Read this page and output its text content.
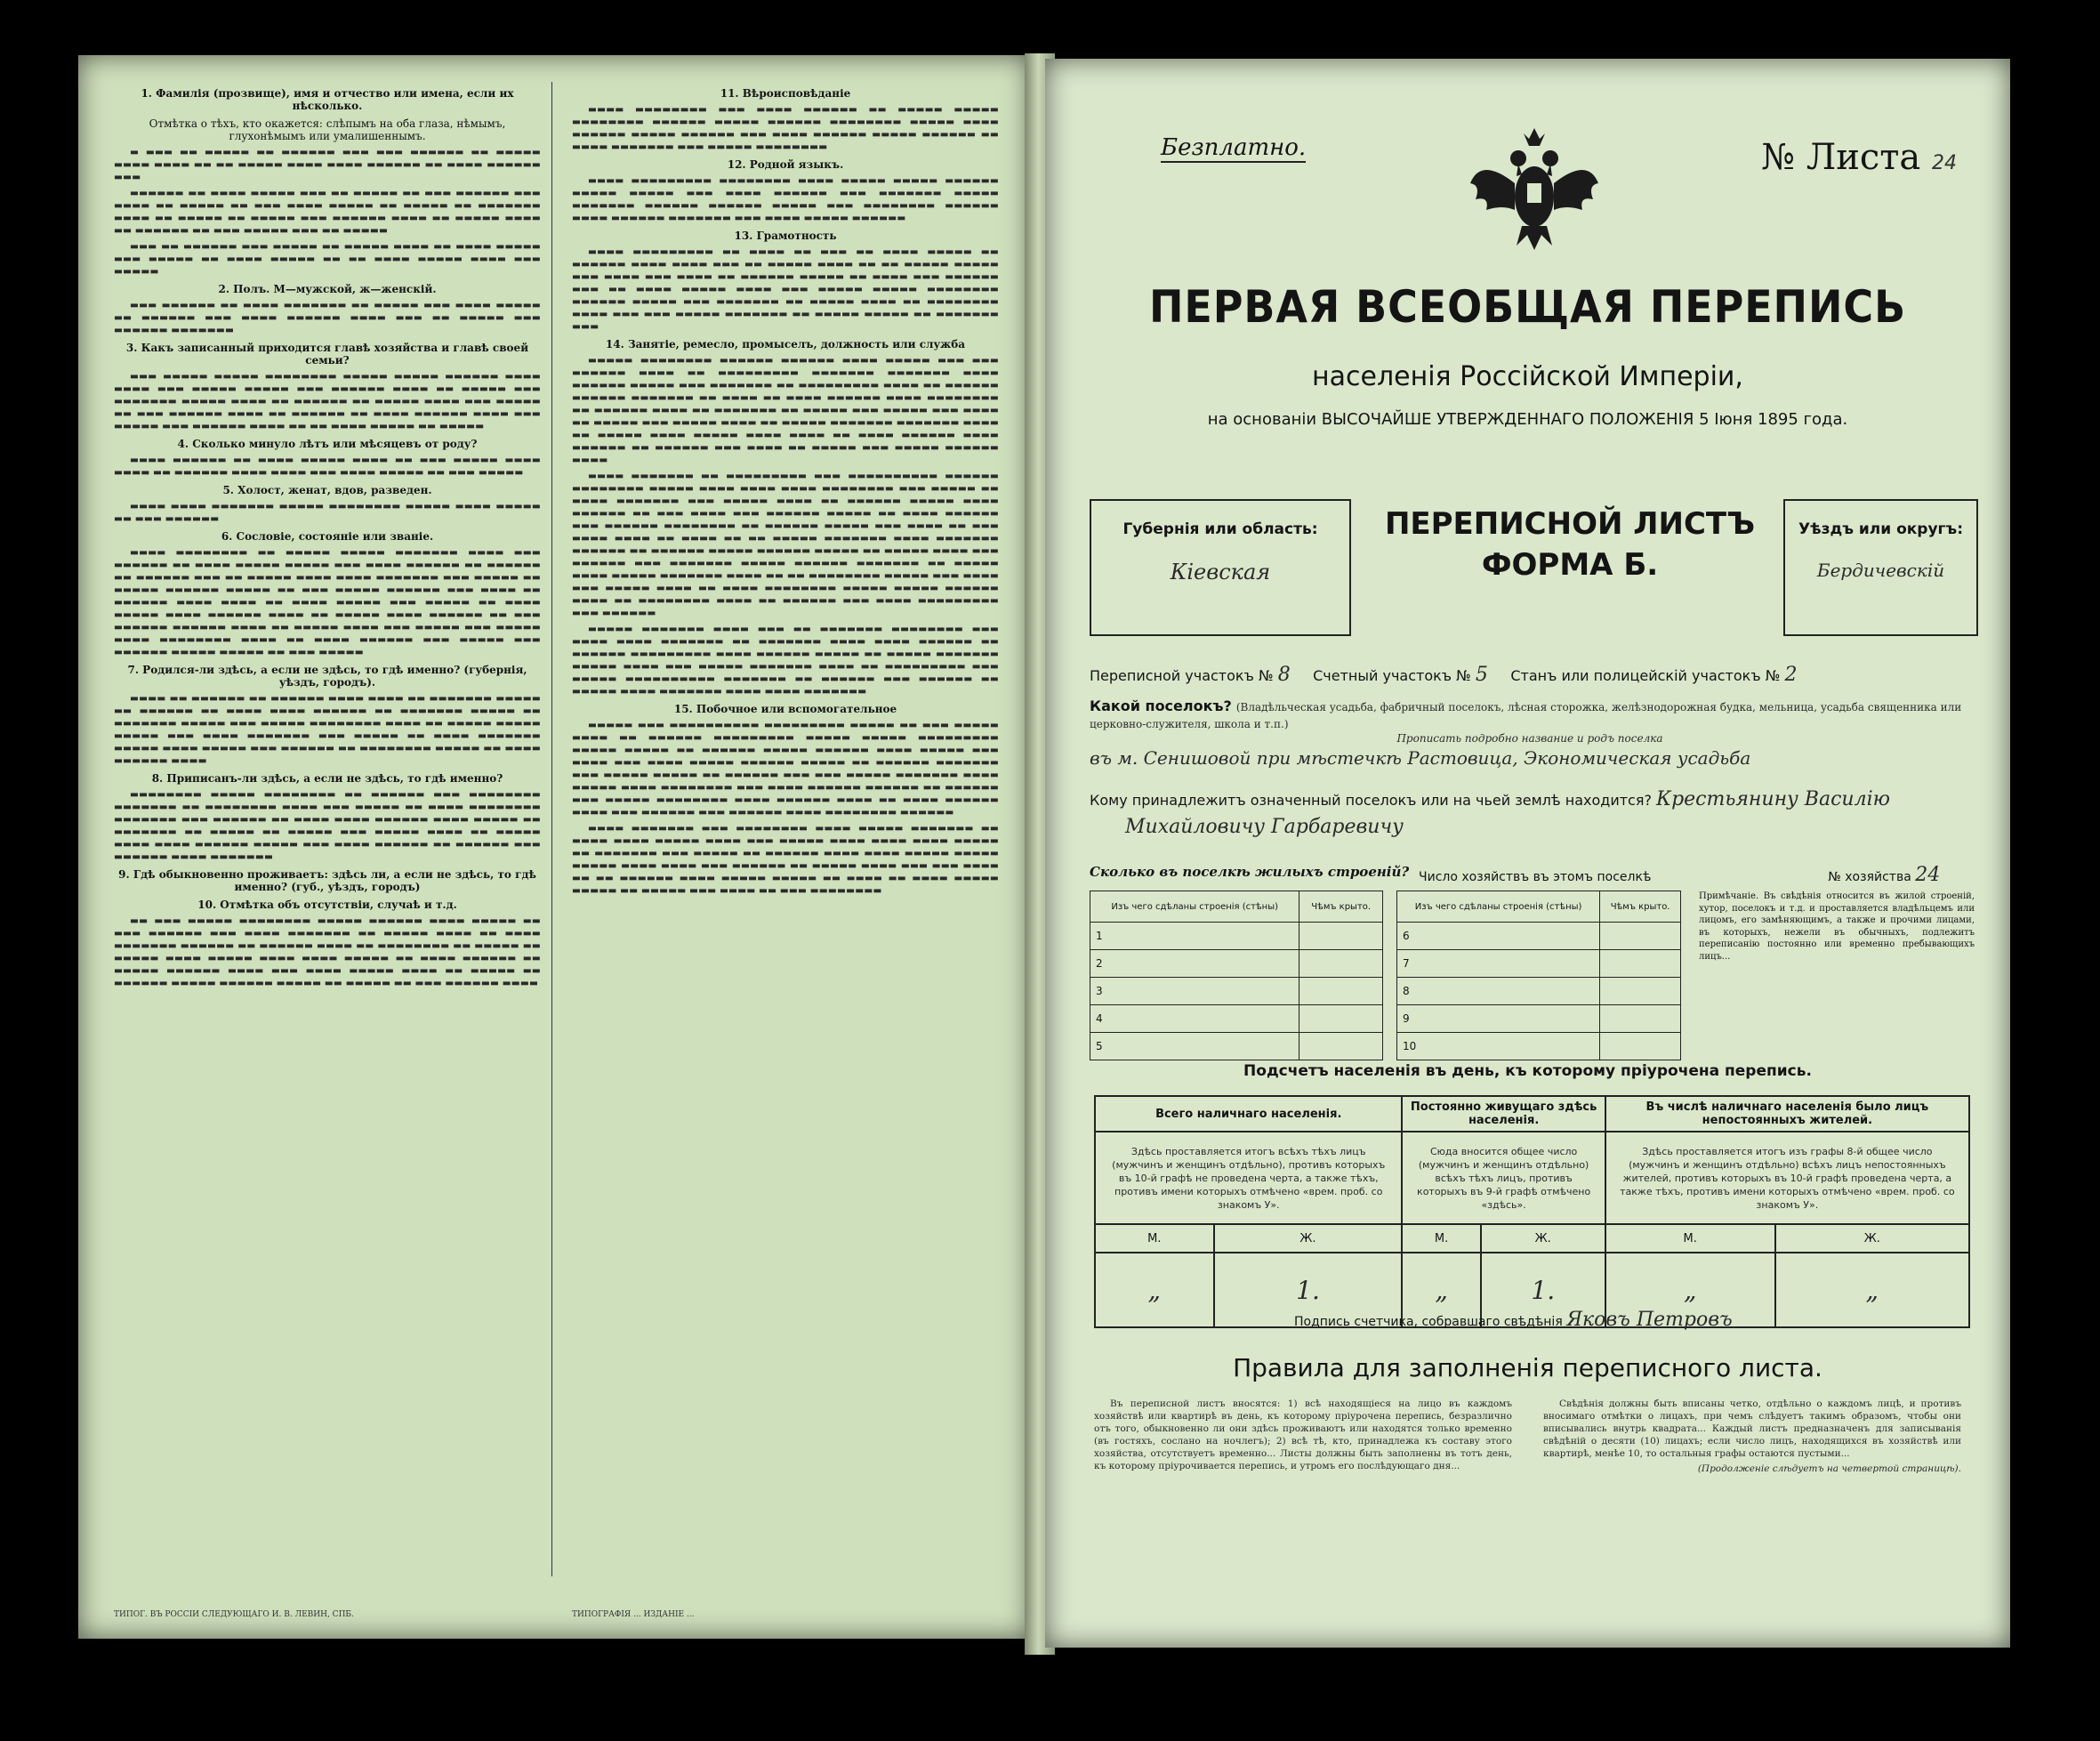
1. Фамилія (прозвище), имя и отчество или имена, если их нѣсколько.
Отмѣтка о тѣхъ, кто окажется: слѣпымъ на оба глаза, нѣмымъ, глухонѣмымъ или умалишеннымъ.

▬ ▬▬▬ ▬▬ ▬▬▬▬▬ ▬▬ ▬▬▬▬▬▬ ▬▬▬ ▬▬▬ ▬▬▬▬▬▬ ▬▬ ▬▬▬▬▬ ▬▬▬▬ ▬▬▬▬ ▬▬ ▬▬ ▬▬▬▬▬ ▬▬▬▬ ▬▬▬▬ ▬▬▬▬▬▬ ▬▬ ▬▬▬▬ ▬▬▬▬▬▬ ▬▬▬

▬▬▬▬▬▬ ▬▬ ▬▬▬▬ ▬▬▬▬▬ ▬▬▬ ▬▬ ▬▬▬▬▬ ▬▬ ▬▬▬ ▬▬▬▬▬▬ ▬▬▬ ▬▬▬▬ ▬▬ ▬▬▬▬▬ ▬▬ ▬▬▬ ▬▬▬▬ ▬▬▬▬▬ ▬▬ ▬▬▬▬▬ ▬▬ ▬▬▬▬▬▬▬ ▬▬▬▬ ▬▬ ▬▬▬▬▬ ▬▬ ▬▬▬▬▬ ▬▬▬ ▬▬▬▬▬▬ ▬▬▬▬ ▬▬ ▬▬▬▬▬ ▬▬▬▬ ▬▬ ▬▬▬▬▬▬ ▬▬ ▬▬▬ ▬▬▬▬▬ ▬▬▬ ▬▬ ▬▬▬▬▬

▬▬▬ ▬▬ ▬▬▬▬▬▬ ▬▬▬ ▬▬▬▬▬ ▬▬ ▬▬▬▬▬ ▬▬▬▬ ▬▬ ▬▬▬▬ ▬▬▬▬▬ ▬▬▬ ▬▬▬▬▬ ▬▬ ▬▬▬▬ ▬▬▬▬▬ ▬▬ ▬▬ ▬▬▬▬ ▬▬▬▬▬ ▬▬▬▬ ▬▬▬ ▬▬▬▬▬

2. Полъ. М—мужской, ж—женскій.

▬▬▬ ▬▬▬▬▬▬ ▬▬ ▬▬▬▬ ▬▬▬▬▬▬▬ ▬▬ ▬▬▬▬▬ ▬▬▬ ▬▬▬▬ ▬▬▬▬▬ ▬▬ ▬▬▬▬▬▬ ▬▬▬ ▬▬▬▬ ▬▬▬▬▬▬ ▬▬▬▬ ▬▬▬ ▬▬ ▬▬▬▬▬ ▬▬▬ ▬▬▬▬▬▬ ▬▬▬▬▬▬▬

3. Какъ записанный приходится главѣ хозяйства и главѣ своей семьи?

▬▬▬ ▬▬▬▬▬ ▬▬▬▬▬ ▬▬▬▬▬▬▬▬ ▬▬▬▬▬ ▬▬▬▬▬ ▬▬▬▬▬▬ ▬▬▬▬ ▬▬▬▬ ▬▬▬ ▬▬▬▬▬ ▬▬▬▬▬ ▬▬▬ ▬▬▬▬▬▬ ▬▬▬▬ ▬▬ ▬▬▬▬▬ ▬▬▬ ▬▬▬▬▬▬▬ ▬▬▬▬▬ ▬▬▬▬ ▬▬ ▬▬▬▬▬▬ ▬▬ ▬▬▬▬▬ ▬▬▬▬ ▬▬▬ ▬▬▬▬▬ ▬▬ ▬▬▬ ▬▬▬▬▬▬ ▬▬▬▬ ▬▬ ▬▬▬▬▬▬ ▬▬ ▬▬▬▬ ▬▬▬▬▬▬ ▬▬▬▬ ▬▬▬ ▬▬▬▬▬ ▬▬▬ ▬▬▬▬▬▬ ▬▬▬▬ ▬▬ ▬▬ ▬▬▬▬ ▬▬▬▬▬ ▬▬ ▬▬▬▬▬

4. Сколько минуло лѣтъ или мѣсяцевъ от роду?

▬▬▬▬ ▬▬▬▬▬▬ ▬▬ ▬▬▬▬ ▬▬▬▬▬ ▬▬▬▬ ▬▬ ▬▬▬ ▬▬▬▬▬ ▬▬▬▬ ▬▬▬▬ ▬▬ ▬▬▬▬▬▬ ▬▬▬▬ ▬▬▬▬ ▬▬▬ ▬▬▬▬ ▬▬▬▬▬ ▬▬ ▬▬▬ ▬▬▬▬▬

5. Холост, женат, вдов, разведен.

▬▬▬▬ ▬▬▬▬ ▬▬▬▬▬▬▬ ▬▬▬▬▬ ▬▬▬▬▬▬▬▬ ▬▬▬▬▬ ▬▬▬▬ ▬▬▬▬▬ ▬▬ ▬▬▬ ▬▬▬▬▬▬

6. Сословіе, состояніе или званіе.

▬▬▬▬ ▬▬▬▬▬▬▬▬ ▬▬ ▬▬▬▬▬ ▬▬▬▬▬ ▬▬▬▬▬▬▬ ▬▬▬▬ ▬▬▬ ▬▬▬▬▬▬ ▬▬ ▬▬▬▬ ▬▬▬▬▬ ▬▬▬▬▬ ▬▬▬ ▬▬▬▬ ▬▬▬▬▬▬ ▬▬ ▬▬▬▬▬▬ ▬▬ ▬▬▬▬▬▬ ▬▬▬ ▬▬ ▬▬▬▬▬ ▬▬▬▬ ▬▬▬▬ ▬▬▬▬▬▬▬ ▬▬▬ ▬▬▬▬▬ ▬▬ ▬▬▬▬▬ ▬▬▬▬▬▬ ▬▬▬▬▬ ▬▬ ▬▬▬ ▬▬▬▬▬ ▬▬▬▬▬▬ ▬▬▬ ▬▬▬▬ ▬▬ ▬▬▬▬▬▬ ▬▬▬▬ ▬▬▬▬ ▬▬ ▬▬▬▬ ▬▬▬▬▬ ▬▬▬ ▬▬▬▬▬ ▬▬ ▬▬▬▬ ▬▬▬▬▬ ▬▬▬▬ ▬▬▬▬▬▬ ▬▬▬▬ ▬▬ ▬▬▬▬▬ ▬▬▬▬ ▬▬▬▬▬▬ ▬▬ ▬▬▬ ▬▬▬▬▬▬ ▬▬▬▬▬▬ ▬▬▬▬ ▬▬ ▬▬▬▬▬ ▬▬▬▬ ▬▬▬ ▬▬▬▬▬ ▬▬▬ ▬▬▬▬▬ ▬▬▬▬ ▬▬▬▬▬▬▬▬ ▬▬▬▬ ▬▬ ▬▬▬▬ ▬▬▬▬▬▬ ▬▬▬ ▬▬▬▬▬ ▬▬▬ ▬▬▬▬▬▬ ▬▬▬▬▬ ▬▬▬▬▬ ▬▬ ▬▬▬ ▬▬▬▬▬

7. Родился-ли здѣсь, а если не здѣсь, то гдѣ именно? (губернія, уѣздъ, городъ).

▬▬▬▬ ▬▬ ▬▬▬▬▬▬ ▬▬ ▬▬▬▬▬▬ ▬▬▬▬ ▬▬▬▬ ▬▬ ▬▬▬▬▬▬▬ ▬▬▬▬▬ ▬▬ ▬▬▬▬▬▬ ▬▬ ▬▬▬▬ ▬▬▬▬ ▬▬▬▬▬▬ ▬▬ ▬▬▬▬▬▬▬ ▬▬▬▬▬ ▬▬ ▬▬▬▬▬▬▬ ▬▬▬▬▬ ▬▬▬ ▬▬▬▬▬ ▬▬▬▬▬▬▬▬ ▬▬▬▬ ▬▬ ▬▬▬▬▬ ▬▬▬▬▬ ▬▬▬▬▬ ▬▬▬ ▬▬▬▬ ▬▬▬▬▬▬▬ ▬▬▬ ▬▬▬▬▬ ▬▬ ▬▬▬▬ ▬▬▬▬▬▬▬ ▬▬▬▬▬ ▬▬▬▬ ▬▬▬▬▬ ▬▬▬ ▬▬▬▬▬▬ ▬▬ ▬▬▬▬▬▬▬▬ ▬▬▬▬▬ ▬▬ ▬▬▬▬ ▬▬▬▬▬▬ ▬▬▬▬

8. Приписанъ-ли здѣсь, а если не здѣсь, то гдѣ именно?

▬▬▬▬▬▬▬▬ ▬▬▬▬▬ ▬▬▬▬▬▬▬▬ ▬▬ ▬▬▬▬▬▬ ▬▬▬ ▬▬▬▬▬▬▬▬ ▬▬▬▬▬▬▬ ▬▬ ▬▬▬▬▬▬▬▬ ▬▬▬▬ ▬▬▬ ▬▬▬▬▬ ▬▬ ▬▬▬▬ ▬▬▬▬▬▬▬▬ ▬▬▬▬▬▬▬ ▬▬▬ ▬▬▬▬▬▬ ▬▬ ▬▬▬▬ ▬▬▬▬ ▬▬▬▬▬▬ ▬▬▬▬ ▬▬▬▬▬ ▬▬ ▬▬▬▬▬▬▬ ▬▬ ▬▬▬▬▬ ▬▬ ▬▬▬▬▬ ▬▬▬ ▬▬▬▬▬ ▬▬▬▬ ▬▬ ▬▬▬▬▬ ▬▬▬▬ ▬▬▬▬ ▬▬▬▬▬▬ ▬▬▬▬▬ ▬▬▬ ▬▬▬▬ ▬▬▬▬▬▬ ▬▬ ▬▬▬▬▬▬ ▬▬▬ ▬▬▬▬▬▬ ▬▬▬▬ ▬▬▬▬▬▬▬

9. Гдѣ обыкновенно проживаетъ: здѣсь ли, а если не здѣсь, то гдѣ именно? (губ., уѣздъ, городъ)
10. Отмѣтка объ отсутствіи, случаѣ и т.д.

▬▬ ▬▬▬ ▬▬▬▬▬ ▬▬▬▬▬▬▬▬ ▬▬▬▬▬ ▬▬▬▬▬▬ ▬▬▬▬ ▬▬▬▬▬ ▬▬ ▬▬▬ ▬▬▬▬▬▬ ▬▬▬ ▬▬▬▬ ▬▬▬▬▬▬▬ ▬▬ ▬▬▬▬▬ ▬▬▬▬ ▬▬ ▬▬▬▬ ▬▬▬▬▬▬▬ ▬▬▬▬▬▬ ▬▬ ▬▬▬▬▬▬ ▬▬▬▬ ▬▬ ▬▬▬▬▬▬▬▬ ▬▬ ▬▬▬▬▬ ▬▬ ▬▬▬▬▬ ▬▬▬▬ ▬▬▬▬▬ ▬▬▬▬ ▬▬▬▬ ▬▬▬▬▬ ▬▬ ▬▬▬▬ ▬▬▬▬▬▬ ▬▬ ▬▬▬▬▬ ▬▬▬▬▬▬ ▬▬▬▬ ▬▬▬ ▬▬▬▬ ▬▬▬▬▬ ▬▬▬▬ ▬▬ ▬▬▬▬▬ ▬▬ ▬▬▬▬▬▬ ▬▬▬▬▬ ▬▬▬▬▬▬ ▬▬▬▬▬ ▬▬ ▬▬▬▬▬ ▬▬ ▬▬▬ ▬▬▬▬▬▬ ▬▬▬▬

11. Вѣроисповѣданіе

▬▬▬▬ ▬▬▬▬▬▬▬▬ ▬▬▬ ▬▬▬▬ ▬▬▬▬▬▬ ▬▬ ▬▬▬▬▬ ▬▬▬▬▬ ▬▬▬▬▬▬▬▬ ▬▬▬▬▬▬ ▬▬▬▬▬ ▬▬▬▬▬▬ ▬▬▬▬▬▬▬▬ ▬▬▬▬▬ ▬▬▬▬ ▬▬▬▬▬▬ ▬▬▬▬▬ ▬▬▬▬▬▬ ▬▬▬ ▬▬▬▬ ▬▬▬▬▬▬ ▬▬▬▬▬ ▬▬▬▬▬▬ ▬▬ ▬▬▬▬ ▬▬▬▬▬▬▬ ▬▬▬ ▬▬▬▬▬ ▬▬▬▬▬▬▬▬

12. Родной языкъ.

▬▬▬▬ ▬▬▬▬▬▬▬▬▬ ▬▬▬▬▬▬▬▬ ▬▬▬▬ ▬▬▬▬▬ ▬▬▬▬▬ ▬▬▬▬▬▬ ▬▬▬▬▬ ▬▬▬▬▬ ▬▬▬ ▬▬▬▬ ▬▬▬▬▬▬ ▬▬▬ ▬▬▬▬▬▬▬ ▬▬▬▬▬ ▬▬▬▬▬▬▬ ▬▬▬▬▬▬ ▬▬▬▬▬▬ ▬▬▬▬▬ ▬▬▬ ▬▬▬▬▬▬▬▬ ▬▬▬▬▬▬ ▬▬▬▬ ▬▬▬▬▬▬ ▬▬▬▬▬▬▬ ▬▬▬ ▬▬▬▬ ▬▬▬▬▬ ▬▬▬▬▬▬

13. Грамотность

▬▬▬▬ ▬▬▬▬▬▬▬▬▬ ▬▬ ▬▬▬▬ ▬▬ ▬▬▬ ▬▬ ▬▬▬▬ ▬▬▬▬▬ ▬▬ ▬▬▬▬▬▬ ▬▬▬▬ ▬▬▬▬ ▬▬▬ ▬▬ ▬▬▬▬▬ ▬▬▬▬ ▬▬ ▬▬ ▬▬▬▬▬ ▬▬▬▬▬ ▬▬▬ ▬▬▬▬ ▬▬▬ ▬▬▬▬ ▬▬ ▬▬▬▬▬▬ ▬▬▬▬▬ ▬▬ ▬▬▬▬ ▬▬▬ ▬▬▬▬▬▬ ▬▬▬ ▬▬ ▬▬▬▬ ▬▬▬▬▬ ▬▬▬▬ ▬▬▬ ▬▬▬▬▬ ▬▬▬▬▬ ▬▬▬▬▬▬▬▬ ▬▬▬▬▬▬ ▬▬▬▬▬ ▬▬▬ ▬▬▬▬▬▬▬ ▬▬ ▬▬▬▬▬ ▬▬▬▬ ▬▬ ▬▬▬▬▬▬▬▬ ▬▬▬▬ ▬▬▬ ▬▬▬ ▬▬▬▬▬ ▬▬▬▬▬▬▬ ▬▬ ▬▬▬▬▬ ▬▬▬▬▬ ▬▬ ▬▬▬▬▬▬▬ ▬▬▬

14. Занятіе, ремесло, промыселъ, должность или служба

▬▬▬▬▬ ▬▬▬▬▬▬▬▬ ▬▬▬▬▬▬ ▬▬▬▬▬▬ ▬▬▬▬ ▬▬▬▬▬ ▬▬▬ ▬▬▬ ▬▬▬▬▬▬ ▬▬▬▬ ▬▬ ▬▬▬▬▬▬▬▬▬ ▬▬▬▬▬▬▬ ▬▬▬▬▬▬▬ ▬▬▬▬ ▬▬▬▬▬▬ ▬▬▬▬▬ ▬▬▬ ▬▬▬▬▬▬▬ ▬▬ ▬▬▬▬▬▬▬▬▬ ▬▬▬▬ ▬▬ ▬▬▬▬▬▬ ▬▬▬▬▬▬ ▬▬▬▬▬▬▬ ▬▬ ▬▬▬▬ ▬▬ ▬▬▬▬ ▬▬▬▬▬▬ ▬▬▬▬ ▬▬▬▬▬▬▬▬ ▬▬ ▬▬▬▬▬▬ ▬▬▬▬ ▬▬ ▬▬▬▬▬▬▬ ▬▬ ▬▬▬▬▬ ▬▬▬ ▬▬▬▬▬ ▬▬▬ ▬▬▬▬ ▬▬ ▬▬▬▬▬ ▬▬▬ ▬▬▬▬▬ ▬▬▬▬ ▬▬ ▬▬▬▬▬ ▬▬▬▬▬▬▬ ▬▬▬▬▬▬▬ ▬▬▬▬ ▬▬ ▬▬▬▬▬ ▬▬▬▬ ▬▬▬▬▬ ▬▬▬▬ ▬▬▬▬ ▬▬ ▬▬▬▬ ▬▬▬▬▬▬ ▬▬▬▬ ▬▬▬▬▬▬ ▬▬ ▬▬▬▬▬▬ ▬▬▬ ▬▬▬▬ ▬▬ ▬▬▬▬▬ ▬▬▬ ▬▬▬▬▬ ▬▬▬▬▬▬ ▬▬▬▬

▬▬▬▬ ▬▬▬▬▬▬▬ ▬▬ ▬▬▬▬▬▬▬▬▬ ▬▬▬ ▬▬▬▬▬▬▬▬▬▬ ▬▬▬▬▬▬ ▬▬▬▬▬▬▬▬ ▬▬▬▬▬ ▬▬▬▬ ▬▬▬▬ ▬▬▬▬ ▬▬▬▬▬▬▬▬ ▬▬▬ ▬▬▬▬▬ ▬▬ ▬▬▬▬ ▬▬▬▬▬▬▬ ▬▬▬ ▬▬▬▬▬ ▬▬▬▬ ▬▬ ▬▬▬▬▬▬ ▬▬▬▬▬ ▬▬▬▬ ▬▬▬▬▬▬ ▬▬ ▬▬▬ ▬▬▬▬ ▬▬▬ ▬▬▬▬▬▬ ▬▬▬▬▬ ▬▬ ▬▬▬▬ ▬▬▬▬▬▬ ▬▬▬ ▬▬▬▬▬▬ ▬▬▬▬▬▬▬▬ ▬▬ ▬▬▬▬▬▬ ▬▬▬▬▬ ▬▬▬ ▬▬▬▬ ▬▬ ▬▬▬ ▬▬▬▬ ▬▬▬▬ ▬▬ ▬▬▬▬ ▬▬ ▬▬ ▬▬▬▬▬ ▬▬▬▬▬▬▬ ▬▬▬▬ ▬▬▬▬▬▬▬ ▬▬▬▬▬▬ ▬▬ ▬▬▬▬▬▬ ▬▬▬▬▬ ▬▬▬▬▬▬ ▬▬▬▬▬ ▬▬ ▬▬▬▬▬ ▬▬▬▬ ▬▬▬ ▬▬▬▬▬▬ ▬▬▬ ▬▬▬▬▬▬▬ ▬▬▬▬▬ ▬▬▬▬▬▬ ▬▬▬▬▬▬▬ ▬▬ ▬▬▬▬▬ ▬▬▬▬ ▬▬▬▬▬ ▬▬▬▬▬▬▬ ▬▬▬▬ ▬▬ ▬▬ ▬▬▬▬▬▬▬▬ ▬▬▬▬▬ ▬▬▬ ▬▬▬▬ ▬▬▬ ▬▬▬▬▬ ▬▬▬▬ ▬▬ ▬▬▬▬ ▬▬▬▬▬▬▬▬ ▬▬▬▬▬ ▬▬▬▬▬ ▬▬▬▬▬▬ ▬▬▬▬ ▬▬ ▬▬▬▬▬▬▬▬ ▬▬▬▬ ▬▬ ▬▬▬▬▬▬ ▬▬▬ ▬▬▬▬ ▬▬▬▬▬▬▬▬▬ ▬▬▬ ▬▬▬▬▬▬

▬▬▬▬▬ ▬▬▬▬▬▬▬ ▬▬▬▬ ▬▬▬ ▬▬ ▬▬▬▬▬▬▬ ▬▬▬▬▬▬▬▬ ▬▬▬ ▬▬▬▬ ▬▬▬▬ ▬▬▬▬▬▬▬ ▬▬ ▬▬▬▬▬▬▬ ▬▬▬▬ ▬▬▬▬ ▬▬▬▬▬▬ ▬▬ ▬▬▬▬▬▬ ▬▬▬▬▬▬▬▬▬ ▬▬▬▬ ▬▬▬▬▬▬ ▬▬▬▬▬ ▬▬ ▬▬▬▬▬ ▬▬▬▬▬▬▬ ▬▬▬▬▬ ▬▬▬▬ ▬▬▬ ▬▬▬▬▬ ▬▬▬▬▬▬▬ ▬▬▬▬ ▬▬ ▬▬▬▬▬▬▬▬▬ ▬▬▬ ▬▬▬▬▬ ▬▬▬▬▬▬▬▬▬▬ ▬▬▬▬▬▬▬ ▬▬ ▬▬▬▬▬▬ ▬▬▬ ▬▬▬▬▬▬ ▬▬ ▬▬▬▬▬ ▬▬▬▬ ▬▬▬▬▬▬▬ ▬▬▬▬ ▬▬▬▬ ▬▬▬▬▬▬▬

15. Побочное или вспомогательное

▬▬▬▬▬ ▬▬▬ ▬▬▬▬▬▬▬▬▬▬ ▬▬▬▬▬▬▬▬▬ ▬▬▬▬▬ ▬▬ ▬▬▬ ▬▬▬▬▬ ▬▬▬▬ ▬▬ ▬▬▬▬▬▬ ▬▬▬▬▬▬▬▬▬ ▬▬▬▬▬ ▬▬▬▬▬ ▬▬▬▬▬▬▬▬▬ ▬▬▬▬▬ ▬▬▬▬▬ ▬▬ ▬▬▬▬▬▬ ▬▬▬▬▬ ▬▬▬▬▬▬ ▬▬▬▬ ▬▬▬▬▬ ▬▬▬ ▬▬▬▬ ▬▬▬ ▬▬▬▬ ▬▬▬▬▬ ▬▬▬▬▬▬ ▬▬▬▬▬ ▬▬ ▬▬▬▬▬▬ ▬▬▬▬▬▬▬ ▬▬▬ ▬▬▬▬▬ ▬▬▬▬▬ ▬▬ ▬▬▬▬▬▬ ▬▬▬ ▬▬▬ ▬▬▬▬▬ ▬▬▬▬▬▬▬ ▬▬▬▬ ▬▬▬▬▬ ▬▬▬▬ ▬▬▬▬▬▬▬▬ ▬▬▬ ▬▬▬▬ ▬▬▬▬▬▬ ▬▬▬▬▬▬ ▬▬ ▬▬▬▬▬▬ ▬▬▬ ▬▬▬▬▬ ▬▬▬▬▬▬▬▬ ▬▬▬▬ ▬▬▬▬▬▬ ▬▬▬▬ ▬▬ ▬▬▬▬ ▬▬▬▬▬▬ ▬▬▬▬ ▬▬▬ ▬▬▬▬▬▬ ▬▬▬ ▬▬▬▬▬▬ ▬▬▬▬ ▬▬▬▬▬▬▬▬ ▬▬▬▬▬▬

▬▬▬▬ ▬▬▬▬▬▬▬ ▬▬▬ ▬▬▬▬▬▬▬▬ ▬▬▬▬ ▬▬▬▬▬ ▬▬▬▬▬▬▬ ▬▬ ▬▬▬▬ ▬▬▬▬ ▬▬▬▬▬ ▬▬▬▬ ▬▬▬ ▬▬▬▬▬ ▬▬▬▬ ▬▬▬▬ ▬▬▬▬ ▬▬▬▬▬ ▬▬ ▬▬▬▬▬▬▬ ▬▬▬ ▬▬▬▬▬ ▬▬ ▬▬▬▬▬▬ ▬▬▬▬ ▬▬▬▬ ▬▬▬▬▬ ▬▬▬▬▬ ▬▬▬▬▬ ▬▬▬▬ ▬▬▬▬ ▬▬▬ ▬▬▬▬▬▬ ▬▬ ▬▬▬▬▬ ▬▬▬▬ ▬▬▬ ▬▬▬ ▬▬▬▬ ▬▬ ▬▬ ▬▬▬▬▬▬ ▬▬▬▬ ▬▬▬▬▬ ▬▬▬▬▬ ▬▬ ▬▬▬▬ ▬▬ ▬▬▬▬ ▬▬▬▬▬ ▬▬▬▬▬ ▬▬ ▬▬▬▬▬ ▬▬▬ ▬▬▬▬ ▬▬ ▬▬▬ ▬▬▬▬▬▬▬▬

ТИПОГ. ВЪ РОССІИ СЛЕДУЮЩАГО И. В. ЛЕВИН, СПБ.	ТИПОГРАФІЯ ... ИЗДАНІЕ ...
Безплатно.	№ Листа 24
ПЕРВАЯ ВСЕОБЩАЯ ПЕРЕПИСЬ
населенія Россійской Имперіи,
на основаніи ВЫСОЧАЙШЕ УТВЕРЖДЕННАГО ПОЛОЖЕНІЯ 5 Іюня 1895 года.
Губернія или область:
Кіевская
ПЕРЕПИСНОЙ ЛИСТЪ
ФОРМА Б.
Уѣздъ или округъ:
Бердичевскій
Переписной участокъ № 8 Счетный участокъ № 5 Станъ или полицейскій участокъ № 2
Какой поселокъ? (Владѣльческая усадьба, фабричный поселокъ, лѣсная сторожка, желѣзнодорожная будка, мельница, усадьба священника или церковно-служителя, школа и т.п.)
Прописать подробно название и родъ поселка
въ м. Сенишовой при мѣстечкѣ Растовица, Экономическая усадьба
Кому принадлежитъ означенный поселокъ или на чьей землѣ находится? Крестьянину Василію
Михайловичу Гарбаревичу
Число хозяйствъ въ этомъ поселкѣ	№ хозяйства 24
Сколько въ поселкѣ жилыхъ строеній?
Изъ чего сдѣланы строенія (стѣны)	Чѣмъ крыто.
1	
2	
3	
4	
5	
Изъ чего сдѣланы строенія (стѣны)	Чѣмъ крыто.
6	
7	
8	
9	
10	
Примѣчаніе. Въ свѣдѣнія относится въ жилой строеній, хутор, поселокъ и т.д. и проставляется владѣльцемъ или лицомъ, его замѣняющимъ, а также и прочими лицами, въ которыхъ, нежели въ обычныхъ, подлежитъ переписанію постоянно или временно пребывающихъ лицъ...
Подсчетъ населенія въ день, къ которому пріурочена перепись.
Всего наличнаго населенія.		Постоянно живущаго здѣсь населенія.		Въ числѣ наличнаго населенія было лицъ непостоянныхъ жителей.	
Здѣсь проставляется итогъ всѣхъ тѣхъ лицъ (мужчинъ и женщинъ отдѣльно), противъ которыхъ въ 10-й графѣ не проведена черта, а также тѣхъ, противъ имени которыхъ отмѣчено «врем. проб. со знакомъ У».		Сюда вносится общее число (мужчинъ и женщинъ отдѣльно) всѣхъ тѣхъ лицъ, противъ которыхъ въ 9-й графѣ отмѣчено «здѣсь».		Здѣсь проставляется итогъ изъ графы 8-й общее число (мужчинъ и женщинъ отдѣльно) всѣхъ лицъ непостоянныхъ жителей, противъ которыхъ въ 10-й графѣ проведена черта, а также тѣхъ, противъ имени которыхъ отмѣчено «врем. проб. со знакомъ У».	
М.	Ж.	М.	Ж.	М.	Ж.
„	1.	„	1.	„	„
Подпись счетчика, собравшаго свѣдѣнія Яковъ Петровъ
Правила для заполненія переписного листа.

Въ переписной листъ вносятся: 1) всѣ находящіеся на лицо въ каждомъ хозяйствѣ или квартирѣ въ день, къ которому пріурочена перепись, безразлично отъ того, обыкновенно ли они здѣсь проживаютъ или находятся только временно (въ гостяхъ, сослано на ночлегъ); 2) всѣ тѣ, кто, принадлежа къ составу этого хозяйства, отсутствуетъ временно... Листы должны быть заполнены въ тотъ день, къ которому пріурочивается перепись, и утромъ его послѣдующаго дня...

Свѣдѣнія должны быть вписаны четко, отдѣльно о каждомъ лицѣ, и противъ вносимаго отмѣтки о лицахъ, при чемъ слѣдуетъ такимъ образомъ, чтобы они вписывались внутрь квадрата... Каждый листъ предназначенъ для записыванія свѣдѣній о десяти (10) лицахъ; если число лицъ, находящихся въ хозяйствѣ или квартирѣ, менѣе 10, то остальныя графы остаются пустыми...

(Продолженіе слѣдуетъ на четвертой страницѣ).
